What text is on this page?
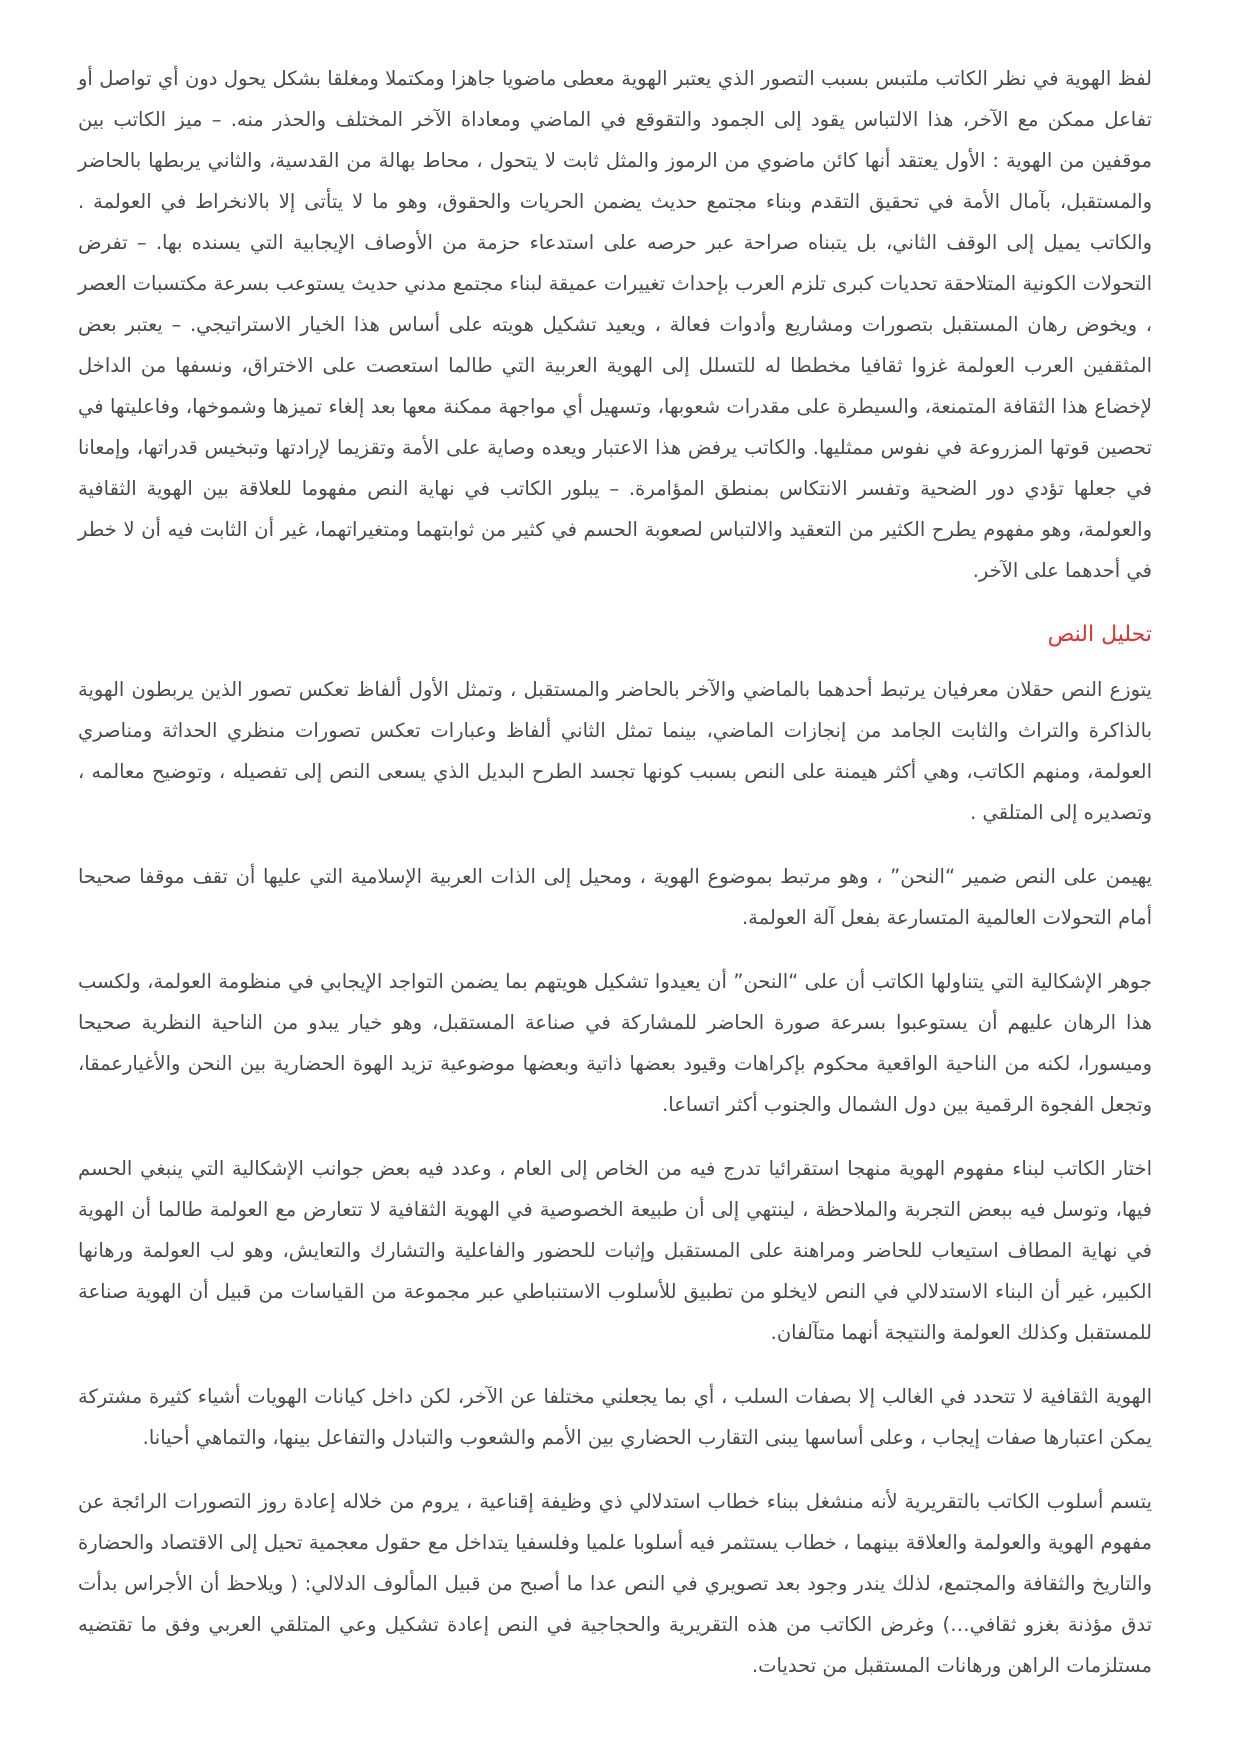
لفظ الهوية في نظر الكاتب ملتبس بسبب التصور الذي يعتبر الهوية معطى ماضويا جاهزا ومكتملا ومغلقا بشكل يحول دون أي تواصل أو تفاعل ممكن مع الآخر، هذا الالتباس يقود إلى الجمود والتقوقع في الماضي ومعاداة الآخر المختلف والحذر منه. – ميز الكاتب بين موقفين من الهوية : الأول يعتقد أنها كائن ماضوي من الرموز والمثل ثابت لا يتحول ، محاط بهالة من القدسية، والثاني يربطها بالحاضر والمستقبل، بآمال الأمة في تحقيق التقدم وبناء مجتمع حديث يضمن الحريات والحقوق، وهو ما لا يتأتى إلا بالانخراط في العولمة . والكاتب يميل إلى الوقف الثاني، بل يتبناه صراحة عبر حرصه على استدعاء حزمة من الأوصاف الإيجابية التي يسنده بها. – تفرض التحولات الكونية المتلاحقة تحديات كبرى تلزم العرب بإحداث تغييرات عميقة لبناء مجتمع مدني حديث يستوعب بسرعة مكتسبات العصر ، ويخوض رهان المستقبل بتصورات ومشاريع وأدوات فعالة ، ويعيد تشكيل هويته على أساس هذا الخيار الاستراتيجي. – يعتبر بعض المثقفين العرب العولمة غزوا ثقافيا مخططا له للتسلل إلى الهوية العربية التي طالما استعصت على الاختراق، ونسفها من الداخل لإخضاع هذا الثقافة المتمنعة، والسيطرة على مقدرات شعوبها، وتسهيل أي مواجهة ممكنة معها بعد إلغاء تميزها وشموخها، وفاعليتها في تحصين قوتها المزروعة في نفوس ممثليها. والكاتب يرفض هذا الاعتبار ويعده وصاية على الأمة وتقزيما لإرادتها وتبخيس قدراتها، وإمعانا في جعلها تؤدي دور الضحية وتفسر الانتكاس بمنطق المؤامرة. – يبلور الكاتب في نهاية النص مفهوما للعلاقة بين الهوية الثقافية والعولمة، وهو مفهوم يطرح الكثير من التعقيد والالتباس لصعوبة الحسم في كثير من ثوابتهما ومتغيراتهما، غير أن الثابت فيه أن لا خطر في أحدهما على الآخر.

تحليل النص

يتوزع النص حقلان معرفيان يرتبط أحدهما بالماضي والآخر بالحاضر والمستقبل ، وتمثل الأول ألفاظ تعكس تصور الذين يربطون الهوية بالذاكرة والتراث والثابت الجامد من إنجازات الماضي، بينما تمثل الثاني ألفاظ وعبارات تعكس تصورات منظري الحداثة ومناصري العولمة، ومنهم الكاتب، وهي أكثر هيمنة على النص بسبب كونها تجسد الطرح البديل الذي يسعى النص إلى تفصيله ، وتوضيح معالمه ، وتصديره إلى المتلقي .

يهيمن على النص ضمير “النحن” ، وهو مرتبط بموضوع الهوية ، ومحيل إلى الذات العربية الإسلامية التي عليها أن تقف موقفا صحيحا أمام التحولات العالمية المتسارعة بفعل آلة العولمة.

جوهر الإشكالية التي يتناولها الكاتب أن على “النحن” أن يعيدوا تشكيل هويتهم بما يضمن التواجد الإيجابي في منظومة العولمة، ولكسب هذا الرهان عليهم أن يستوعبوا بسرعة صورة الحاضر للمشاركة في صناعة المستقبل، وهو خيار يبدو من الناحية النظرية صحيحا وميسورا، لكنه من الناحية الواقعية محكوم بإكراهات وقيود بعضها ذاتية وبعضها موضوعية تزيد الهوة الحضارية بين النحن والأغيارعمقا، وتجعل الفجوة الرقمية بين دول الشمال والجنوب أكثر اتساعا.

اختار الكاتب لبناء مفهوم الهوية منهجا استقرائيا تدرج فيه من الخاص إلى العام ، وعدد فيه بعض جوانب الإشكالية التي ينبغي الحسم فيها، وتوسل فيه ببعض التجربة والملاحظة ، لينتهي إلى أن طبيعة الخصوصية في الهوية الثقافية لا تتعارض مع العولمة طالما أن الهوية في نهاية المطاف استيعاب للحاضر ومراهنة على المستقبل وإثبات للحضور والفاعلية والتشارك والتعايش، وهو لب العولمة ورهانها الكبير، غير أن البناء الاستدلالي في النص لايخلو من تطبيق للأسلوب الاستنباطي عبر مجموعة من القياسات من قبيل أن الهوية صناعة للمستقبل وكذلك العولمة والنتيجة أنهما متآلفان.

الهوية الثقافية لا تتحدد في الغالب إلا بصفات السلب ، أي بما يجعلني مختلفا عن الآخر، لكن داخل كيانات الهويات أشياء كثيرة مشتركة يمكن اعتبارها صفات إيجاب ، وعلى أساسها يبنى التقارب الحضاري بين الأمم والشعوب والتبادل والتفاعل بينها، والتماهي أحيانا.

يتسم أسلوب الكاتب بالتقريرية لأنه منشغل ببناء خطاب استدلالي ذي وظيفة إقناعية ، يروم من خلاله إعادة روز التصورات الرائجة عن مفهوم الهوية والعولمة والعلاقة بينهما ، خطاب يستثمر فيه أسلوبا علميا وفلسفيا يتداخل مع حقول معجمية تحيل إلى الاقتصاد والحضارة والتاريخ والثقافة والمجتمع، لذلك يندر وجود بعد تصويري في النص عدا ما أصبح من قبيل المألوف الدلالي: ( ويلاحظ أن الأجراس بدأت تدق مؤذنة بغزو ثقافي…) وغرض الكاتب من هذه التقريرية والحجاجية في النص إعادة تشكيل وعي المتلقي العربي وفق ما تقتضيه مستلزمات الراهن ورهانات المستقبل من تحديات.
